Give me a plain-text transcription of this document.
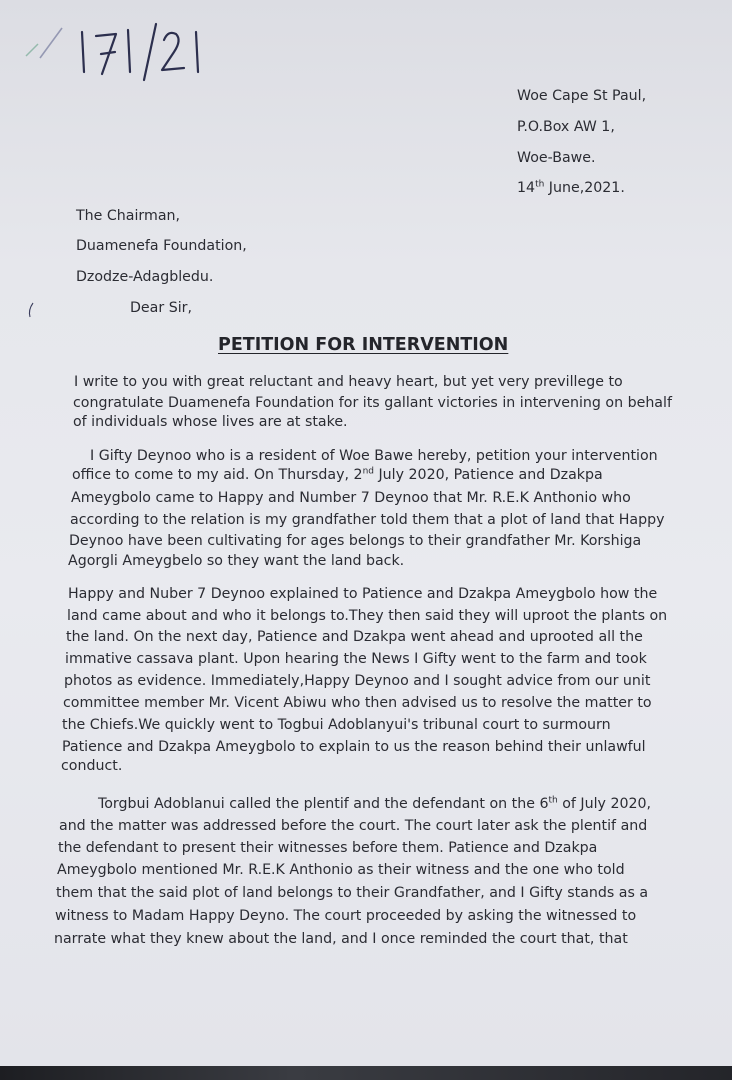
Woe Cape St Paul,
P.O.Box AW 1,
Woe-Bawe.
14th June,2021.
The Chairman,
Duamenefa Foundation,
Dzodze-Adagbledu.
Dear Sir,
PETITION FOR INTERVENTION
I write to you with great reluctant and heavy heart, but yet very previllege to
congratulate Duamenefa Foundation for its gallant victories in intervening on behalf
of individuals whose lives are at stake.
I Gifty Deynoo who is a resident of Woe Bawe hereby, petition your intervention
office to come to my aid. On Thursday, 2nd July 2020, Patience and Dzakpa
Ameygbolo came to Happy and Number 7 Deynoo that Mr. R.E.K Anthonio who
according to the relation is my grandfather told them that a plot of land that Happy
Deynoo have been cultivating for ages belongs to their grandfather Mr. Korshiga
Agorgli Ameygbelo so they want the land back.
Happy and Nuber 7 Deynoo explained to Patience and Dzakpa Ameygbolo how the
land came about and who it belongs to.They then said they will uproot the plants on
the land. On the next day, Patience and Dzakpa went ahead and uprooted all the
immative cassava plant. Upon hearing the News I Gifty went to the farm and took
photos as evidence. Immediately,Happy Deynoo and I sought advice from our unit
committee member Mr. Vicent Abiwu who then advised us to resolve the matter to
the Chiefs.We quickly went to Togbui Adoblanyui's tribunal court to surmourn
Patience and Dzakpa Ameygbolo to explain to us the reason behind their unlawful
conduct.
Torgbui Adoblanui called the plentif and the defendant on the 6th of July 2020,
and the matter was addressed before the court. The court later ask the plentif and
the defendant to present their witnesses before them. Patience and Dzakpa
Ameygbolo mentioned Mr. R.E.K Anthonio as their witness and the one who told
them that the said plot of land belongs to their Grandfather, and I Gifty stands as a
witness to Madam Happy Deyno. The court proceeded by asking the witnessed to
narrate what they knew about the land, and I once reminded the court that, that
